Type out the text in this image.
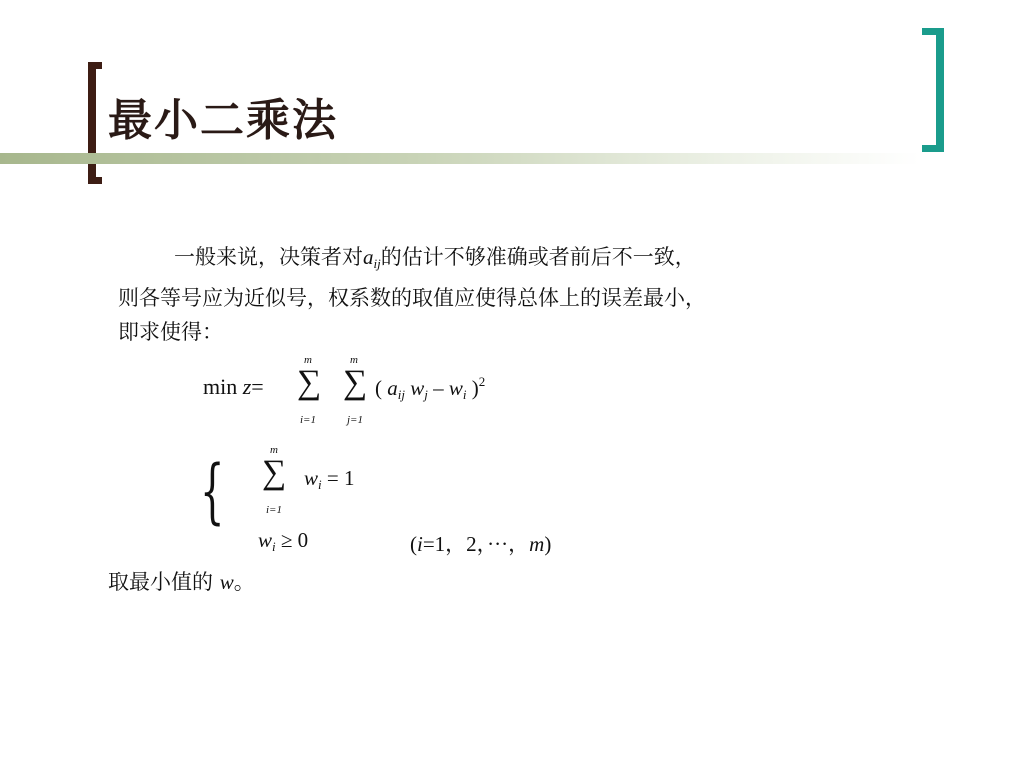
最小二乘法
一般来说，决策者对$a_{ij}$的估计不够准确或者前后不一致，
则各等号应为近似号，权系数的取值应使得总体上的误差最小，
即求使得：
min z=
m
∑
i=1
m
∑
j=1
( $a_{ij}$ $w_j - w_i$ )$^2$
{	m
∑
i=1
$w_i = 1$
$w_i \ge 0$	(i=1，2，···，m)
取最小值的 w。
